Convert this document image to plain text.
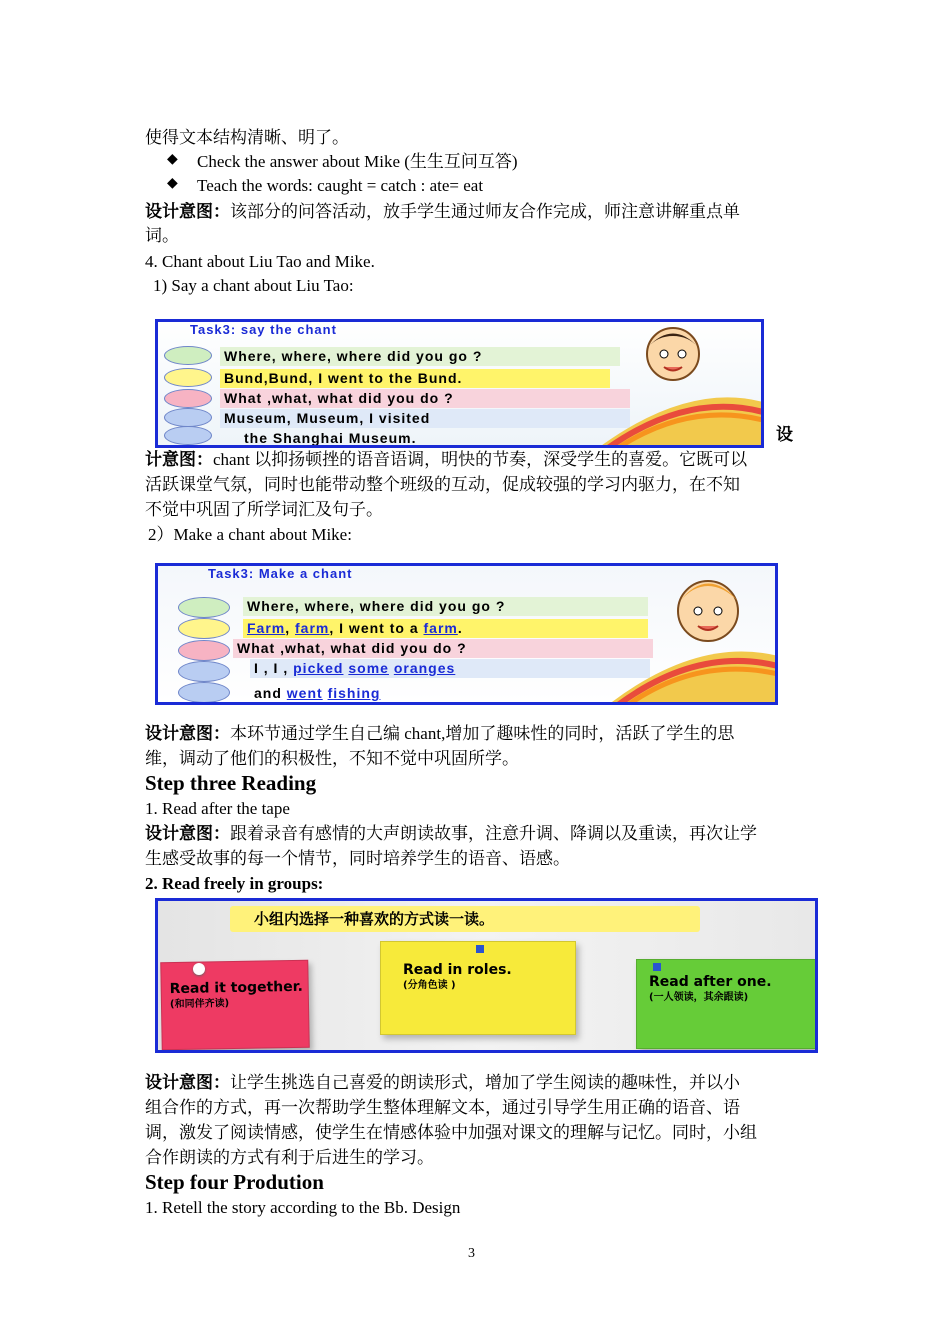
使得文本结构清晰、明了。
◆ Check the answer about Mike (生生互问互答)
◆ Teach the words: caught = catch : ate= eat
设计意图：该部分的问答活动，放手学生通过师友合作完成，师注意讲解重点单
词。
4. Chant about Liu Tao and Mike.
1) Say a chant about Liu Tao:
Task3: say the chant
Where, where, where did you go ?
Bund,Bund, I went to the Bund.
What ,what, what did you do ?
Museum, Museum, I visited
the Shanghai Museum.	设
计意图：chant 以抑扬顿挫的语音语调，明快的节奏，深受学生的喜爱。它既可以
活跃课堂气氛，同时也能带动整个班级的互动，促成较强的学习内驱力，在不知
不觉中巩固了所学词汇及句子。
2）Make a chant about Mike:
Task3: Make a chant
Where, where, where did you go ?
Farm, farm, I went to a farm.
What ,what, what did you do ?
I , I , picked some oranges
and went fishing
设计意图：本环节通过学生自己编 chant,增加了趣味性的同时，活跃了学生的思
维，调动了他们的积极性，不知不觉中巩固所学。
Step three Reading
1. Read after the tape
设计意图：跟着录音有感情的大声朗读故事，注意升调、降调以及重读，再次让学
生感受故事的每一个情节，同时培养学生的语音、语感。
2. Read freely in groups:
小组内选择一种喜欢的方式读一读。
Read it together.
(和同伴齐读)
Read in roles.
(分角色读 )	Read after one.
(一人领读，其余跟读)
设计意图：让学生挑选自己喜爱的朗读形式，增加了学生阅读的趣味性，并以小
组合作的方式，再一次帮助学生整体理解文本，通过引导学生用正确的语音、语
调，激发了阅读情感，使学生在情感体验中加强对课文的理解与记忆。同时，小组
合作朗读的方式有利于后进生的学习。
Step four Prodution
1. Retell the story according to the Bb. Design
3
